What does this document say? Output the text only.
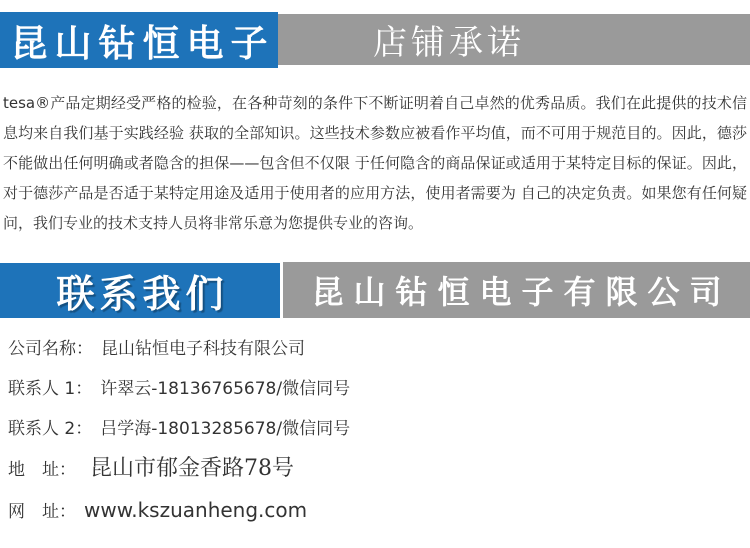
昆山钻恒电子	店铺承诺

tesa®产品定期经受严格的检验，在各种苛刻的条件下不断证明着自己卓然的优秀品质。我们在此提供的技术信息均来自我们基于实践经验 获取的全部知识。这些技术参数应被看作平均值，而不可用于规范目的。因此，德莎不能做出任何明确或者隐含的担保——包含但不仅限 于任何隐含的商品保证或适用于某特定目标的保证。因此，对于德莎产品是否适于某特定用途及适用于使用者的应用方法，使用者需要为 自己的决定负责。如果您有任何疑问，我们专业的技术支持人员将非常乐意为您提供专业的咨询。

联系我们	昆山钻恒电子有限公司
公司名称： 昆山钻恒电子科技有限公司
联系人 1： 许翠云-18136765678/微信同号
联系人 2： 吕学海-18013285678/微信同号
地　址： 昆山市郁金香路78号
网　址： www.kszuanheng.com
